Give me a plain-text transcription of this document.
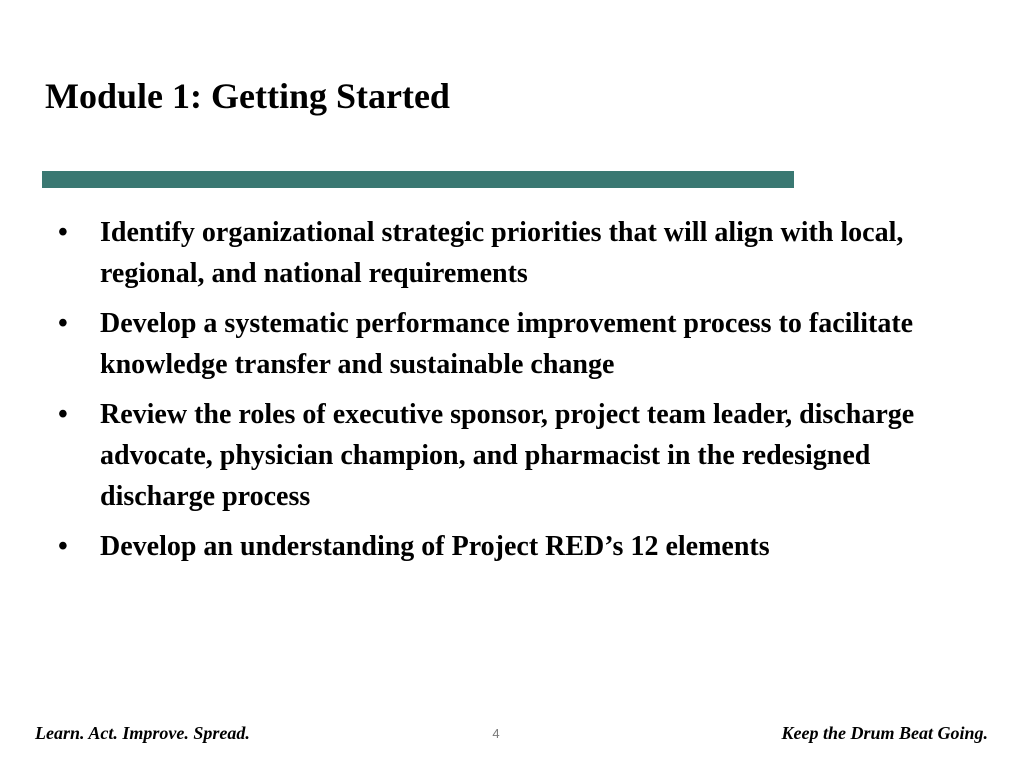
Module 1: Getting Started
• Identify organizational strategic priorities that will align with local, regional, and national requirements
• Develop a systematic performance improvement process to facilitate knowledge transfer and sustainable change
• Review the roles of executive sponsor, project team leader, discharge advocate, physician champion, and pharmacist in the redesigned discharge process
• Develop an understanding of Project RED’s 12 elements
Learn. Act. Improve. Spread.	4	Keep the Drum Beat Going.
